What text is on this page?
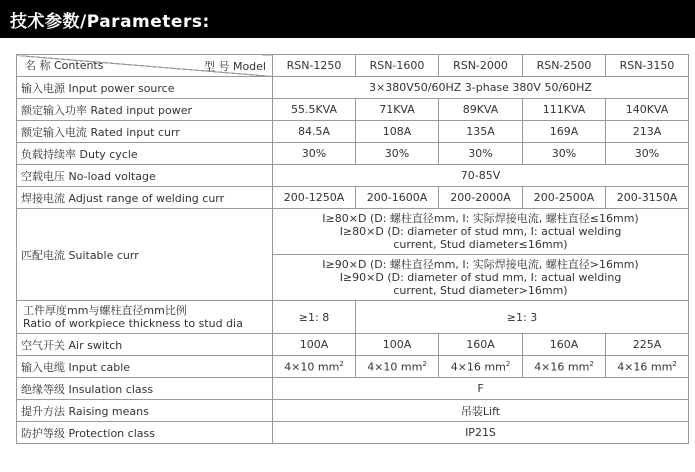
技术参数/Parameters:
型 号 Model
名 称 Contents	RSN-1250	RSN-1600	RSN-2000	RSN-2500	RSN-3150
输入电源 Input power source	3×380V50/60HZ 3-phase 380V 50/60HZ				
额定输入功率 Rated input power	55.5KVA	71KVA	89KVA	111KVA	140KVA
额定输入电流 Rated input curr	84.5A	108A	135A	169A	213A
负载持续率 Duty cycle	30%	30%	30%	30%	30%
空载电压 No-load voltage	70-85V				
焊接电流 Adjust range of welding curr	200-1250A	200-1600A	200-2000A	200-2500A	200-3150A
匹配电流 Suitable curr	I≥80×D (D: 螺柱直径mm, I: 实际焊接电流, 螺柱直径≤16mm)
I≥80×D (D: diameter of stud mm, I: actual welding
current, Stud diameter≤16mm)				

	I≥90×D (D: 螺柱直径mm, I: 实际焊接电流, 螺柱直径>16mm)
I≥90×D (D: diameter of stud mm, I: actual welding
current, Stud diameter>16mm)				

工件厚度mm与螺柱直径mm比例
Ratio of workpiece thickness to stud dia	≥1: 8	≥1: 3			
空气开关 Air switch	100A	100A	160A	160A	225A
输入电缆 Input cable	4×10 $mm^2$	4×10 $mm^2$	4×16 $mm^2$	4×16 $mm^2$	4×16 $mm^2$
绝缘等级 Insulation class	F				
提升方法 Raising means	吊装Lift				
防护等级 Protection class	IP21S				
